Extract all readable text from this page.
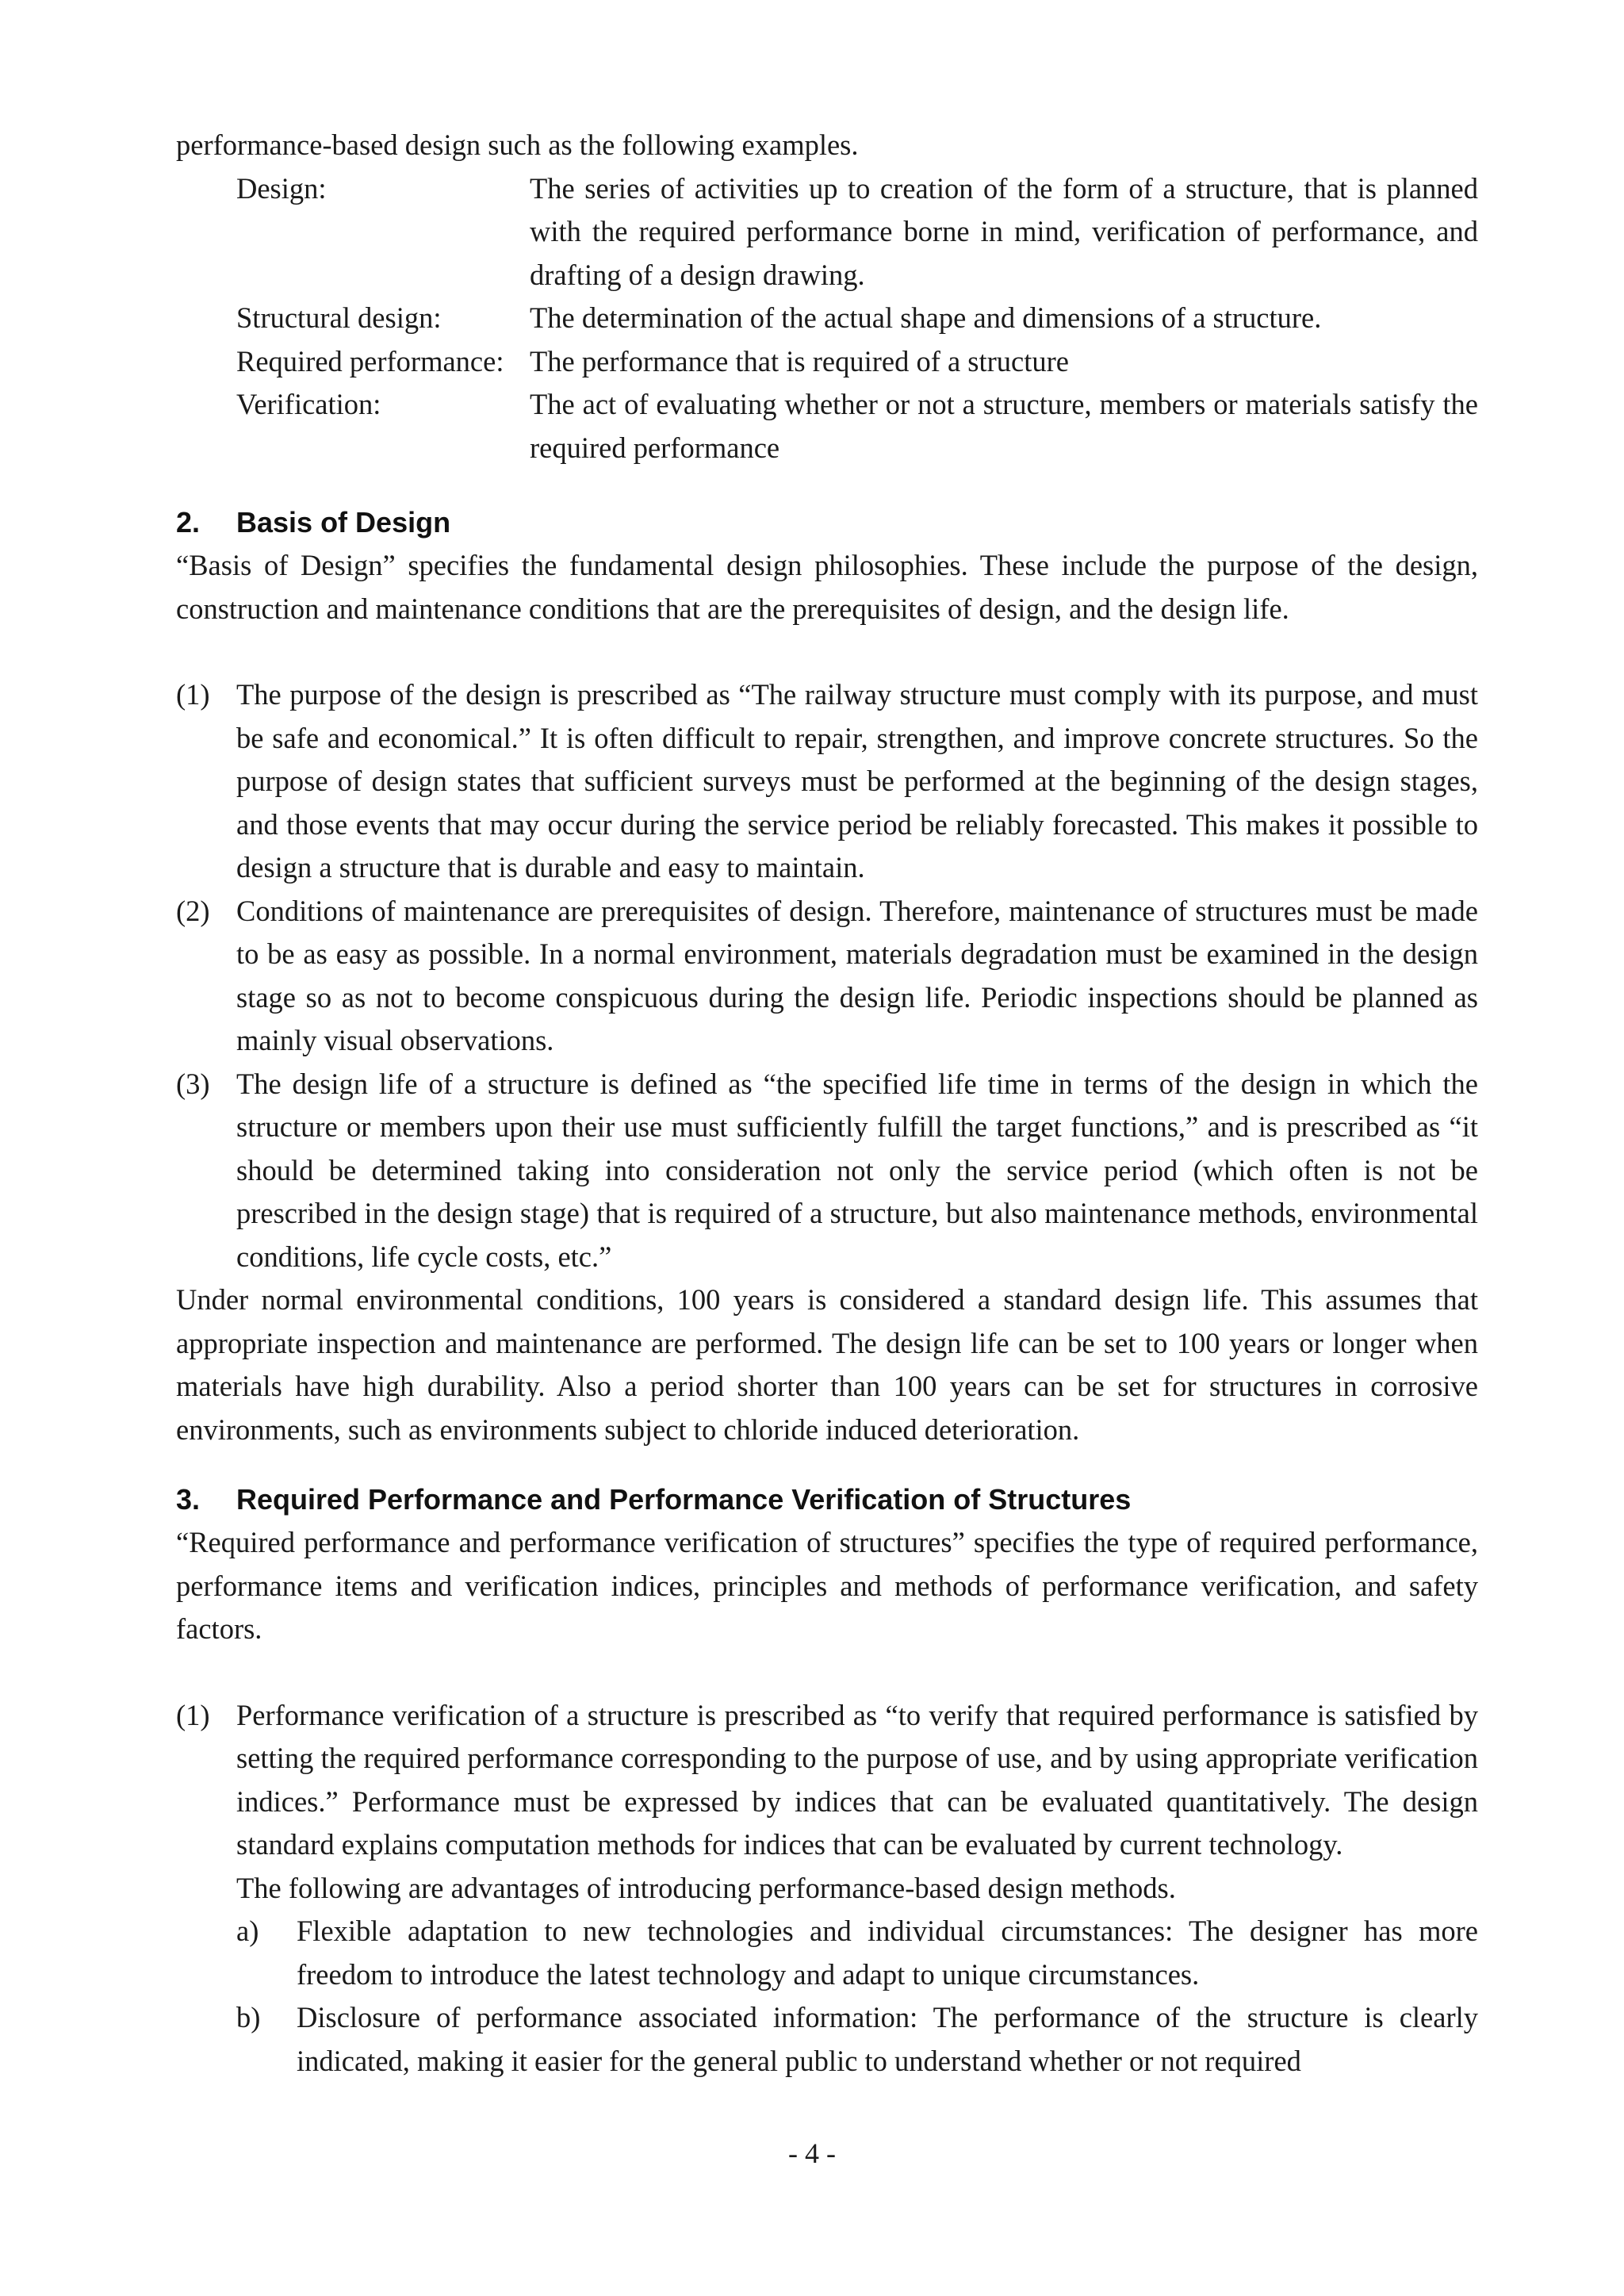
performance-based design such as the following examples.

Design:	The series of activities up to creation of the form of a structure, that is planned with the required performance borne in mind, verification of performance, and drafting of a design drawing.
Structural design:	The determination of the actual shape and dimensions of a structure.
Required performance: The performance that is required of a structure
Verification:	The act of evaluating whether or not a structure, members or materials satisfy the required performance
2. Basis of Design

“Basis of Design” specifies the fundamental design philosophies. These include the purpose of the design, construction and maintenance conditions that are the prerequisites of design, and the design life.

(1) The purpose of the design is prescribed as “The railway structure must comply with its purpose, and must be safe and economical.” It is often difficult to repair, strengthen, and improve concrete structures. So the purpose of design states that sufficient surveys must be performed at the beginning of the design stages, and those events that may occur during the service period be reliably forecasted. This makes it possible to design a structure that is durable and easy to maintain.
(2) Conditions of maintenance are prerequisites of design. Therefore, maintenance of structures must be made to be as easy as possible. In a normal environment, materials degradation must be examined in the design stage so as not to become conspicuous during the design life. Periodic inspections should be planned as mainly visual observations.
(3) The design life of a structure is defined as “the specified life time in terms of the design in which the structure or members upon their use must sufficiently fulfill the target functions,” and is prescribed as “it should be determined taking into consideration not only the service period (which often is not be prescribed in the design stage) that is required of a structure, but also maintenance methods, environmental conditions, life cycle costs, etc.”

Under normal environmental conditions, 100 years is considered a standard design life. This assumes that appropriate inspection and maintenance are performed. The design life can be set to 100 years or longer when materials have high durability. Also a period shorter than 100 years can be set for structures in corrosive environments, such as environments subject to chloride induced deterioration.

3. Required Performance and Performance Verification of Structures

“Required performance and performance verification of structures” specifies the type of required performance, performance items and verification indices, principles and methods of performance verification, and safety factors.

(1) Performance verification of a structure is prescribed as “to verify that required performance is satisfied by setting the required performance corresponding to the purpose of use, and by using appropriate verification indices.” Performance must be expressed by indices that can be evaluated quantitatively. The design standard explains computation methods for indices that can be evaluated by current technology.

The following are advantages of introducing performance-based design methods.

a)	Flexible adaptation to new technologies and individual circumstances: The designer has more freedom to introduce the latest technology and adapt to unique circumstances.
b)	Disclosure of performance associated information: The performance of the structure is clearly indicated, making it easier for the general public to understand whether or not required
- 4 -
